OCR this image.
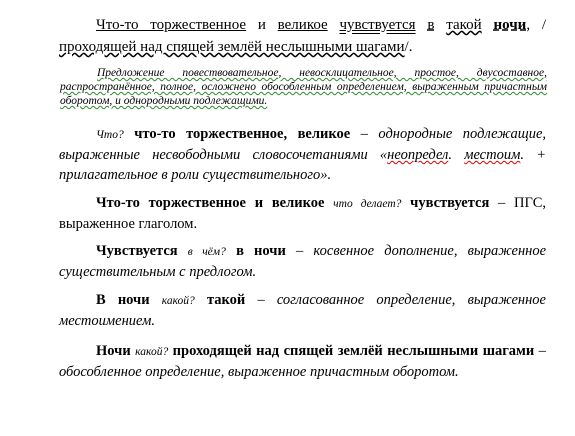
Что-то торжественное и великое чувствуется в такой ночи, /проходящей над спящей землёй неслышными шагами/.
Предложение повествовательное, невосклицательное, простое, двусоставное, распространённое, полное, осложнено обособленным определением, выраженным причастным оборотом, и однородными подлежащими.
Что? что-то торжественное, великое – однородные подлежащие, выраженные несвободными словосочетаниями «неопредел. местоим. + прилагательное в роли существительного».
Что-то торжественное и великое что делает? чувствуется – ПГС, выраженное глаголом.
Чувствуется в чём? в ночи – косвенное дополнение, выраженное существительным с предлогом.
В ночи какой? такой – согласованное определение, выраженное местоимением.
Ночи какой? проходящей над спящей землёй неслышными шагами – обособленное определение, выраженное причастным оборотом.
